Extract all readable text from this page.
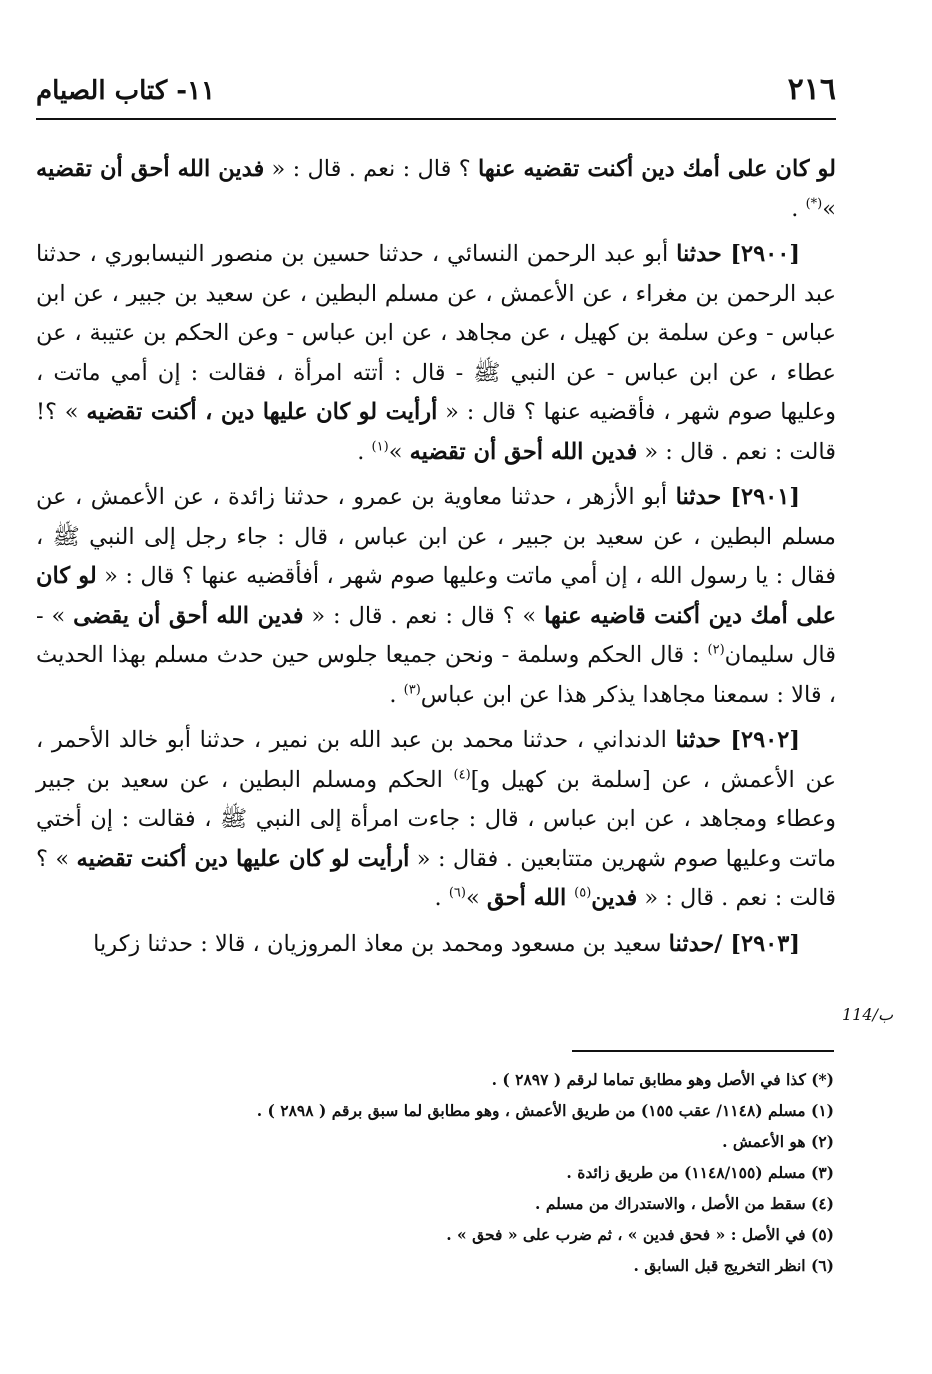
٢١٦
١١- كتاب الصيام

لو كان على أمك دين أكنت تقضيه عنها ؟ قال : نعم . قال : « فدين الله أحق أن تقضيه »(*) .

[٢٩٠٠] حدثنا أبو عبد الرحمن النسائي ، حدثنا حسين بن منصور النيسابوري ، حدثنا عبد الرحمن بن مغراء ، عن الأعمش ، عن مسلم البطين ، عن سعيد بن جبير ، عن ابن عباس - وعن سلمة بن كهيل ، عن مجاهد ، عن ابن عباس - وعن الحكم بن عتيبة ، عن عطاء ، عن ابن عباس - عن النبي ﷺ - قال : أتته امرأة ، فقالت : إن أمي ماتت ، وعليها صوم شهر ، فأقضيه عنها ؟ قال : « أرأيت لو كان عليها دين ، أكنت تقضيه » ؟! قالت : نعم . قال : « فدين الله أحق أن تقضيه »$^{(١)}$ .

[٢٩٠١] حدثنا أبو الأزهر ، حدثنا معاوية بن عمرو ، حدثنا زائدة ، عن الأعمش ، عن مسلم البطين ، عن سعيد بن جبير ، عن ابن عباس ، قال : جاء رجل إلى النبي ﷺ ، فقال : يا رسول الله ، إن أمي ماتت وعليها صوم شهر ، أفأقضيه عنها ؟ قال : « لو كان على أمك دين أكنت قاضيه عنها » ؟ قال : نعم . قال : « فدين الله أحق أن يقضى » - قال سليمان$^{(٢)}$ : قال الحكم وسلمة - ونحن جميعا جلوس حين حدث مسلم بهذا الحديث ، قالا : سمعنا مجاهدا يذكر هذا عن ابن عباس$^{(٣)}$ .

[٢٩٠٢] حدثنا الدنداني ، حدثنا محمد بن عبد الله بن نمير ، حدثنا أبو خالد الأحمر ، عن الأعمش ، عن [سلمة بن كهيل و]$^{(٤)}$ الحكم ومسلم البطين ، عن سعيد بن جبير وعطاء ومجاهد ، عن ابن عباس ، قال : جاءت امرأة إلى النبي ﷺ ، فقالت : إن أختي ماتت وعليها صوم شهرين متتابعين . فقال : « أرأيت لو كان عليها دين أكنت تقضيه » ؟ قالت : نعم . قال : « فدين$^{(٥)}$ الله أحق »$^{(٦)}$ .

[٢٩٠٣] /حدثنا سعيد بن مسعود ومحمد بن معاذ المروزيان ، قالا : حدثنا زكريا

114/ب

(*) كذا في الأصل وهو مطابق تماما لرقم ( ٢٨٩٧ ) .

(١) مسلم (١١٤٨/ عقب ١٥٥) من طريق الأعمش ، وهو مطابق لما سبق برقم ( ٢٨٩٨ ) .

(٢) هو الأعمش .

(٣) مسلم (١١٤٨/١٥٥) من طريق زائدة .

(٤) سقط من الأصل ، والاستدراك من مسلم .

(٥) في الأصل : « فحق فدين » ، ثم ضرب على « فحق » .

(٦) انظر التخريج قبل السابق .
